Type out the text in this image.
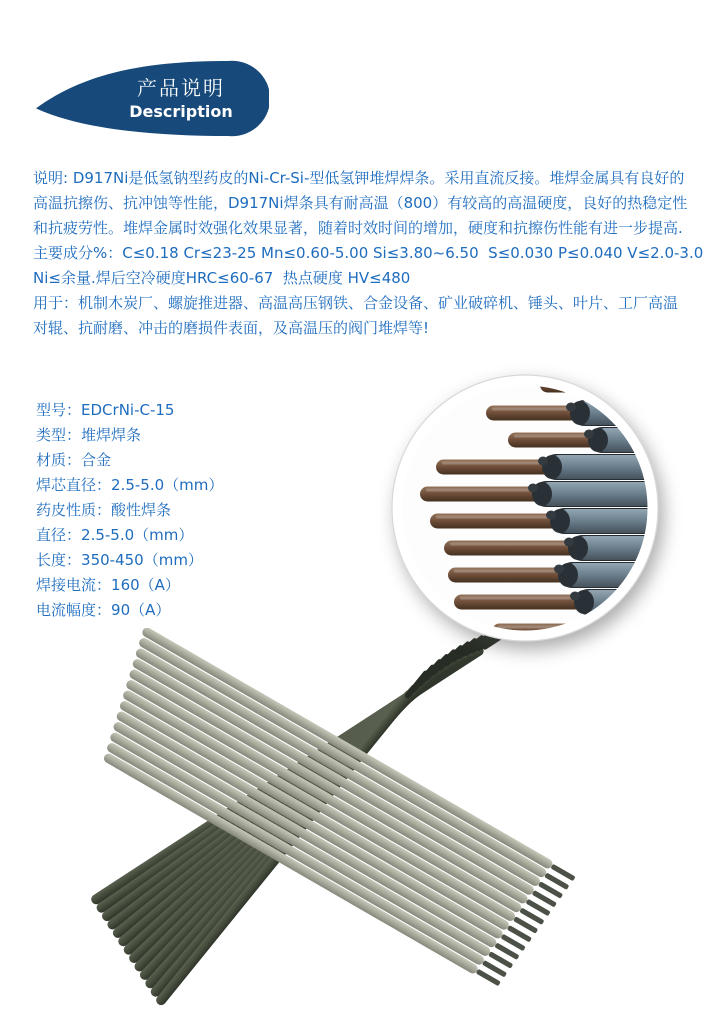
产品说明
Description
说明: D917Ni是低氢钠型药皮的Ni-Cr-Si-型低氢钾堆焊焊条。采用直流反接。堆焊金属具有良好的
高温抗擦伤、抗冲蚀等性能，D917Ni焊条具有耐高温（800）有较高的高温硬度，良好的热稳定性
和抗疲劳性。堆焊金属时效强化效果显著，随着时效时间的增加，硬度和抗擦伤性能有进一步提高.
主要成分%：C≤0.18 Cr≤23-25 Mn≤0.60-5.00 Si≤3.80~6.50  S≤0.030 P≤0.040 V≤2.0-3.0
Ni≤余量.焊后空冷硬度HRC≤60-67  热点硬度 HV≤480
用于：机制木炭厂、螺旋推进器、高温高压钢铁、合金设备、矿业破碎机、锤头、叶片、工厂高温
对辊、抗耐磨、冲击的磨损件表面，及高温压的阀门堆焊等!
型号：EDCrNi-C-15
类型：堆焊焊条
材质：合金
焊芯直径：2.5-5.0（mm）
药皮性质：酸性焊条
直径：2.5-5.0（mm）
长度：350-450（mm）
焊接电流：160（A）
电流幅度：90（A）
